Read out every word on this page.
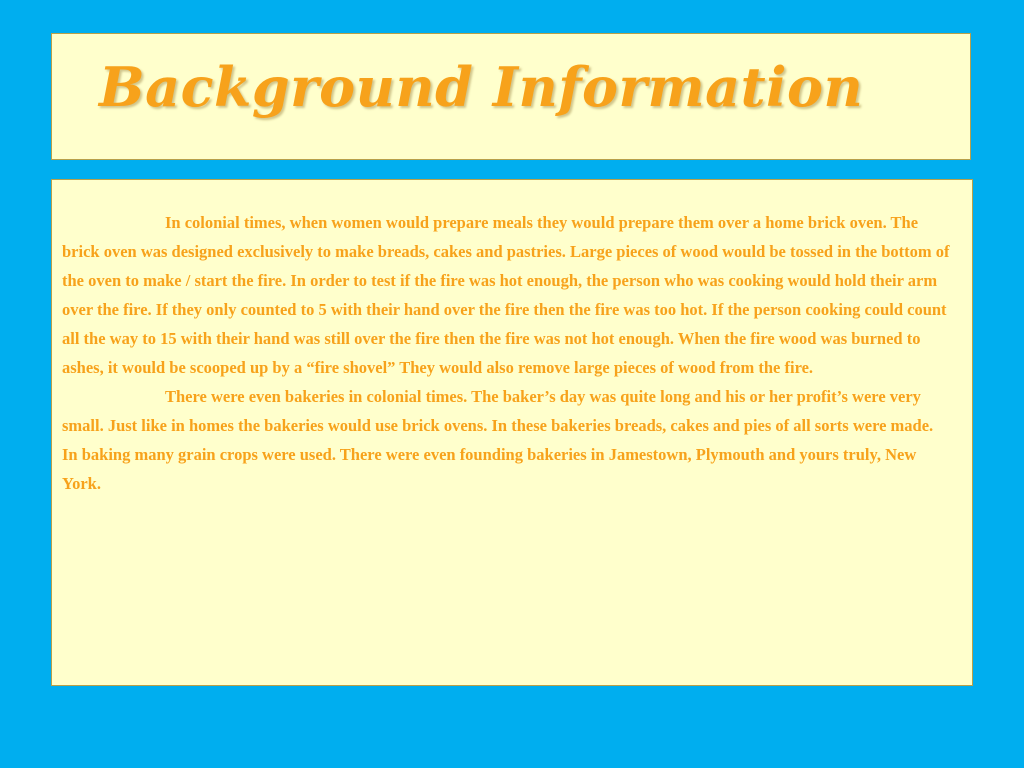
Background Information

In colonial times, when women would prepare meals they would prepare them over a home brick oven. The brick oven was designed exclusively to make breads, cakes and pastries. Large pieces of wood would be tossed in the bottom of the oven to make / start the fire. In order to test if the fire was hot enough, the person who was cooking would hold their arm over the fire. If they only counted to 5 with their hand over the fire then the fire was too hot. If the person cooking could count all the way to 15 with their hand was still over the fire then the fire was not hot enough. When the fire wood was burned to ashes, it would be scooped up by a “fire shovel” They would also remove large pieces of wood from the fire.

There were even bakeries in colonial times. The baker’s day was quite long and his or her profit’s were very small. Just like in homes the bakeries would use brick ovens. In these bakeries breads, cakes and pies of all sorts were made. In baking many grain crops were used. There were even founding bakeries in Jamestown, Plymouth and yours truly, New York.
